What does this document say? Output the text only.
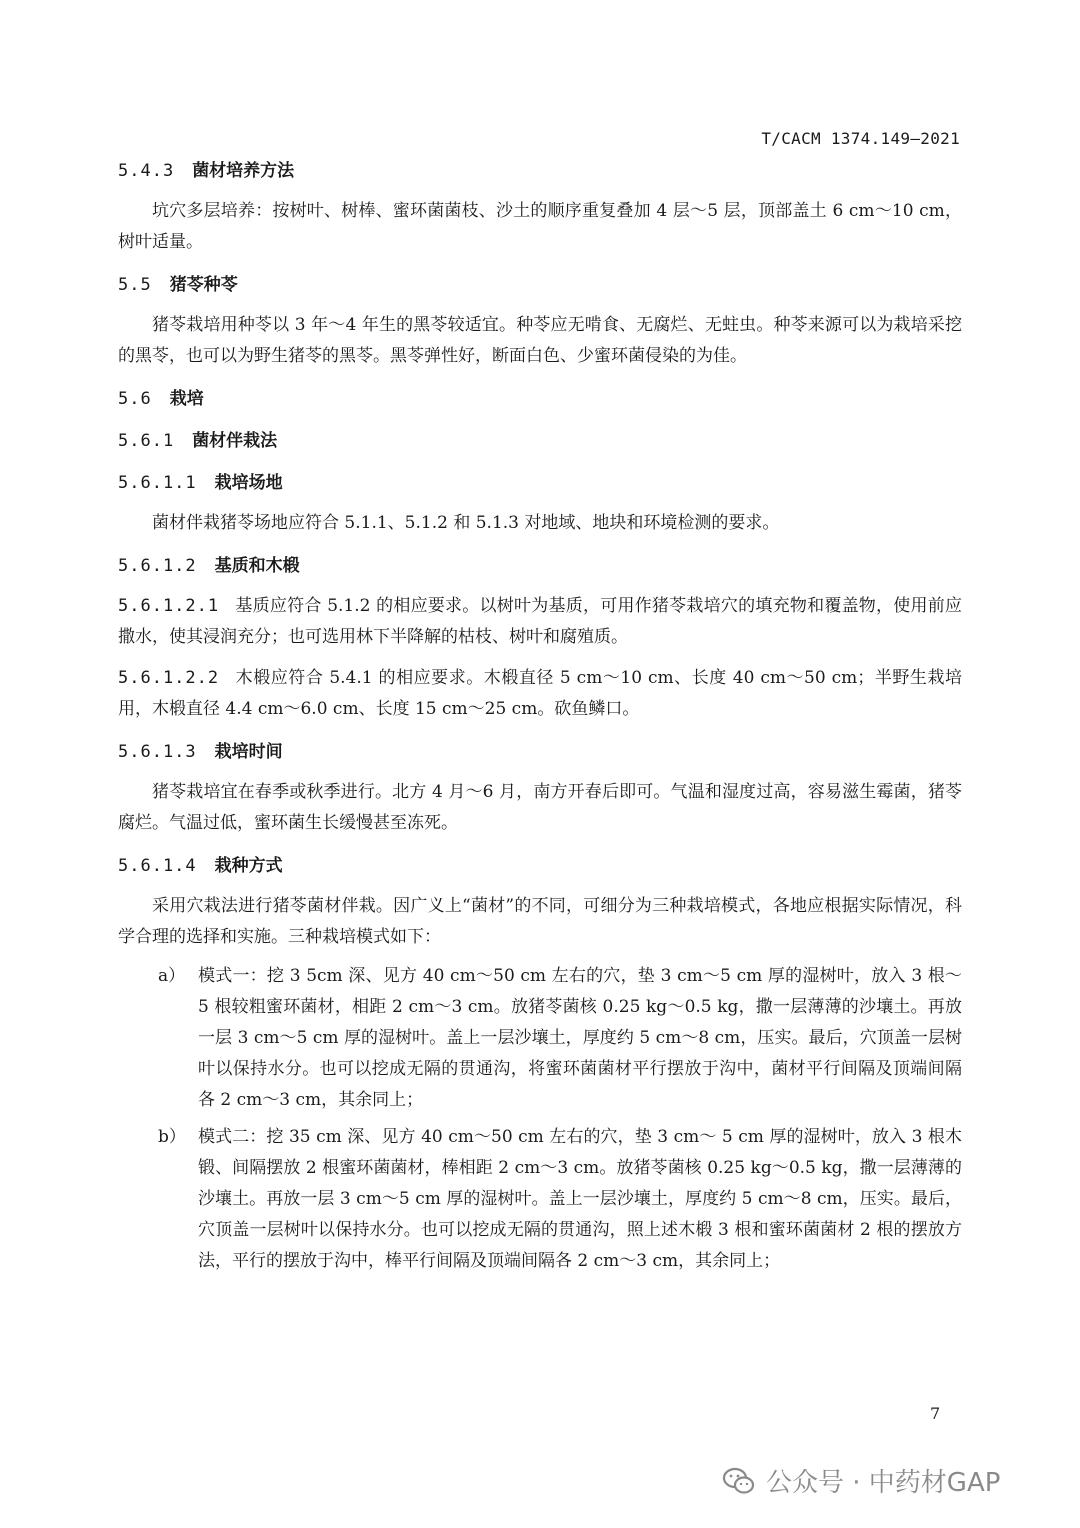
T/CACM 1374.149—2021
5.4.3 菌材培养方法

坑穴多层培养：按树叶、树棒、蜜环菌菌枝、沙土的顺序重复叠加 4 层～5 层，顶部盖土 6 cm～10 cm，树叶适量。

5.5 猪苓种苓

猪苓栽培用种苓以 3 年～4 年生的黑苓较适宜。种苓应无啃食、无腐烂、无蛀虫。种苓来源可以为栽培采挖的黑苓，也可以为野生猪苓的黑苓。黑苓弹性好，断面白色、少蜜环菌侵染的为佳。

5.6 栽培
5.6.1 菌材伴栽法
5.6.1.1 栽培场地

菌材伴栽猪苓场地应符合 5.1.1、5.1.2 和 5.1.3 对地域、地块和环境检测的要求。

5.6.1.2 基质和木椴

5.6.1.2.1 基质应符合 5.1.2 的相应要求。以树叶为基质，可用作猪苓栽培穴的填充物和覆盖物，使用前应撒水，使其浸润充分；也可选用林下半降解的枯枝、树叶和腐殖质。

5.6.1.2.2 木椴应符合 5.4.1 的相应要求。木椴直径 5 cm～10 cm、长度 40 cm～50 cm；半野生栽培用，木椴直径 4.4 cm～6.0 cm、长度 15 cm～25 cm。砍鱼鳞口。

5.6.1.3 栽培时间

猪苓栽培宜在春季或秋季进行。北方 4 月～6 月，南方开春后即可。气温和湿度过高，容易滋生霉菌，猪苓腐烂。气温过低，蜜环菌生长缓慢甚至冻死。

5.6.1.4 栽种方式

采用穴栽法进行猪苓菌材伴栽。因广义上“菌材”的不同，可细分为三种栽培模式，各地应根据实际情况，科学合理的选择和实施。三种栽培模式如下：

a） 模式一：挖 3 5cm 深、见方 40 cm～50 cm 左右的穴，垫 3 cm～5 cm 厚的湿树叶，放入 3 根～5 根较粗蜜环菌材，相距 2 cm～3 cm。放猪苓菌核 0.25 kg～0.5 kg，撒一层薄薄的沙壤土。再放一层 3 cm～5 cm 厚的湿树叶。盖上一层沙壤土，厚度约 5 cm～8 cm，压实。最后，穴顶盖一层树叶以保持水分。也可以挖成无隔的贯通沟，将蜜环菌菌材平行摆放于沟中，菌材平行间隔及顶端间隔各 2 cm～3 cm，其余同上；
b） 模式二：挖 35 cm 深、见方 40 cm～50 cm 左右的穴，垫 3 cm～ 5 cm 厚的湿树叶，放入 3 根木锻、间隔摆放 2 根蜜环菌菌材，棒相距 2 cm～3 cm。放猪苓菌核 0.25 kg～0.5 kg，撒一层薄薄的沙壤土。再放一层 3 cm～5 cm 厚的湿树叶。盖上一层沙壤土，厚度约 5 cm～8 cm，压实。最后，穴顶盖一层树叶以保持水分。也可以挖成无隔的贯通沟，照上述木椴 3 根和蜜环菌菌材 2 根的摆放方法，平行的摆放于沟中，棒平行间隔及顶端间隔各 2 cm～3 cm，其余同上；
7
公众号 · 中药材GAP
